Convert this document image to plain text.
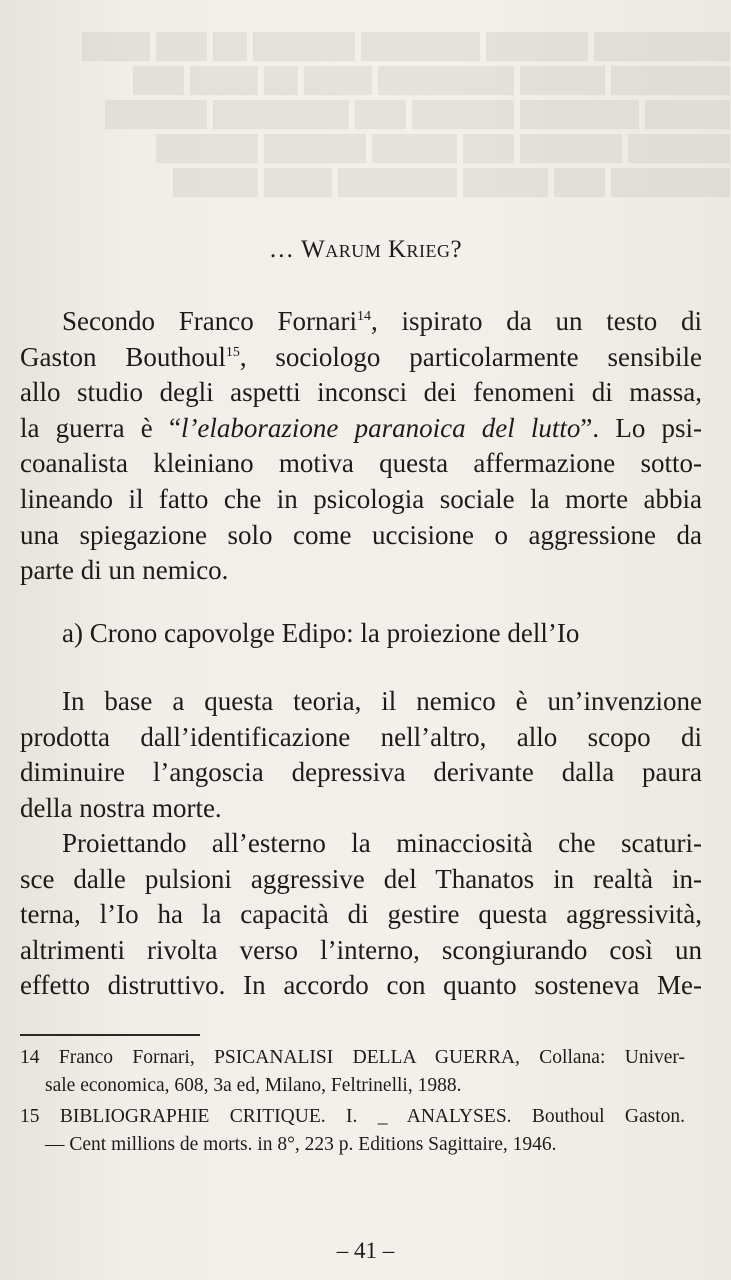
████████ ██████ ███████ ██████ ██ ███ ████
███████ █████ ████████ ████ ██ ████ ███
█████ ███████ ██████ ███ ████████ ██████
██████ ██████ ███ █████ ██████ ██████
███████ ███ █████ ███████ ████ █████
… Warum Krieg?
Secondo Franco Fornari$^{14}$, ispirato da un testo di
Gaston Bouthoul$^{15}$, sociologo particolarmente sensibile
allo studio degli aspetti inconsci dei fenomeni di massa,
la guerra è “l’elaborazione paranoica del lutto”. Lo psi-
coanalista kleiniano motiva questa affermazione sotto-
lineando il fatto che in psicologia sociale la morte abbia
una spiegazione solo come uccisione o aggressione da
parte di un nemico.
a) Crono capovolge Edipo: la proiezione dell’Io
In base a questa teoria, il nemico è un’invenzione
prodotta dall’identificazione nell’altro, allo scopo di
diminuire l’angoscia depressiva derivante dalla paura
della nostra morte.
Proiettando all’esterno la minacciosità che scaturi-
sce dalle pulsioni aggressive del Thanatos in realtà in-
terna, l’Io ha la capacità di gestire questa aggressività,
altrimenti rivolta verso l’interno, scongiurando così un
effetto distruttivo. In accordo con quanto sosteneva Me-
14 Franco Fornari, PSICANALISI DELLA GUERRA, Collana: Univer-
sale economica, 608, 3a ed, Milano, Feltrinelli, 1988.
15 BIBLIOGRAPHIE CRITIQUE. I. _ ANALYSES. Bouthoul Gaston.
— Cent millions de morts. in 8°, 223 p. Editions Sagittaire, 1946.
– 41 –
